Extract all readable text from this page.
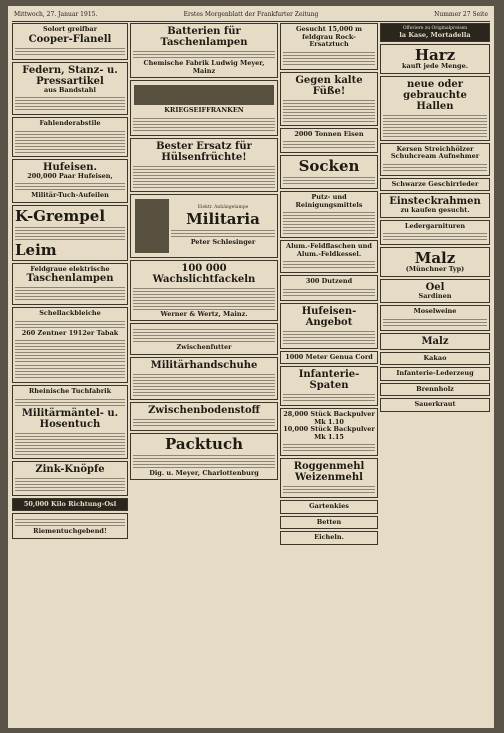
Mittwoch, 27. Januar 1915.	Erstes Morgenblatt der Frankfurter Zeitung	Nummer 27 Seite
Solort greifbar
Cooper-Flanell
Federn, Stanz- u. Pressartikel
aus Bandstahl
Fahlenderabstile
Hufeisen.
200,000 Paar Hufeisen,
Militär-Tuch-Aufeilen
K-Grempel
Leim
Feldgraue elektrische
Taschenlampen
Schellackbleiche
260 Zentner 1912er Tabak
Rheinische Tuchfabrik
Militärmäntel- u. Hosentuch
Zink-Knöpfe
50,000 Kilo Richtung-Osl
Riementuchgebend!
Batterien für Taschenlampen
Chemische Fabrik Ludwig Meyer, Mainz
KRIEGSEIFFRANKEN
Bester Ersatz für Hülsenfrüchte!
Elektr. Anhängelampe
Militaria
Peter Schlesinger
100 000 Wachslichtfackeln
Werner & Wertz, Mainz.
Zwischenfutter
Militärhandschuhe
Zwischenbodenstoff
Packtuch
Dig. u. Meyer, Charlottenburg
Gesucht 15,000 m feldgrau Rock-Ersatztuch
Gegen kalte Füße!
2000 Tonnen Eisen
Socken
Putz- und Reinigungsmittels
Alum.-Feldflaschen und Alum.-Feldkessel.
300 Dutzend
Hufeisen-Angebot
1000 Meter Genua Cord
Infanterie-Spaten
28,000 Stück Backpulver Mk 1.10
10,000 Stück Backpulver Mk 1.15
Roggenmehl Weizenmehl
Gartenkies
Betten
Eicheln.
Offeriere zu Originalpreisen
la Kase, Mortadella
Harz
kauft jede Menge.
neue oder gebrauchte Hallen
Kersen Streichhölzer Schuhcream Aufnehmer
Schwarze Geschirrleder
Einsteckrahmen
zu kaufen gesucht.
Ledergarnituren
Malz
(Münchner Typ)
Oel
Sardinen
Moselweine
Malz
Kakao
Infanterie-Lederzeug
Brennholz
Sauerkraut
